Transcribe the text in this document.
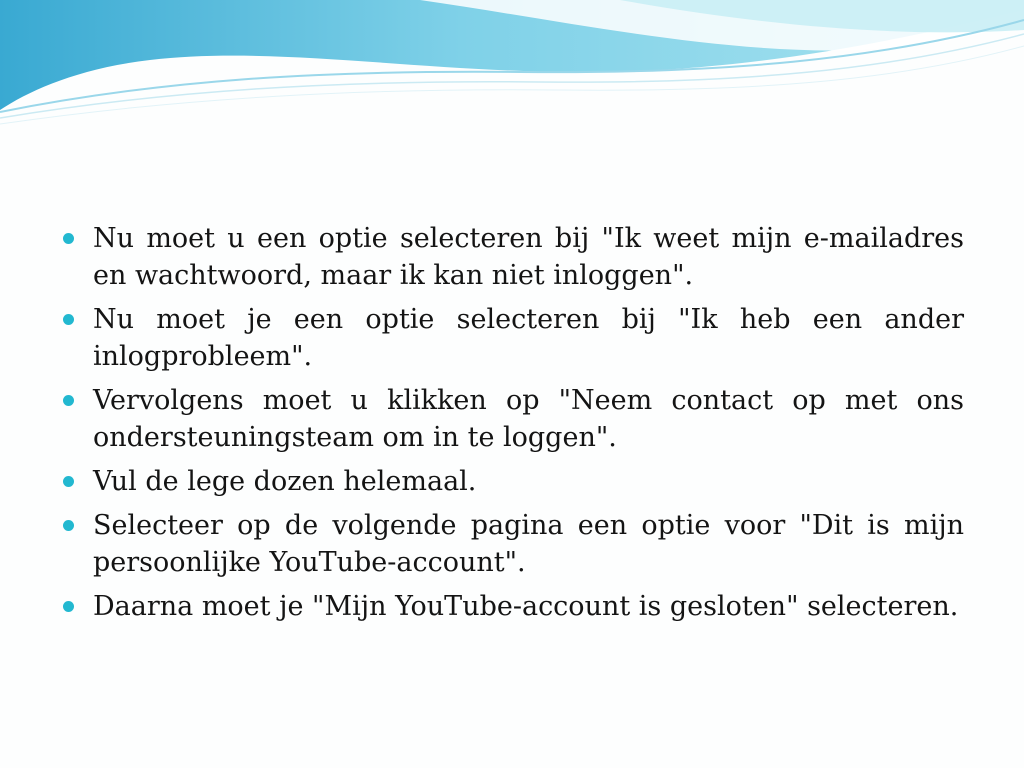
Nu moet u een optie selecteren bij "Ik weet mijn e-mailadres en wachtwoord, maar ik kan niet inloggen".
Nu moet je een optie selecteren bij "Ik heb een ander inlogprobleem".
Vervolgens moet u klikken op "Neem contact op met ons ondersteuningsteam om in te loggen".
Vul de lege dozen helemaal.
Selecteer op de volgende pagina een optie voor "Dit is mijn persoonlijke YouTube-account".
Daarna moet je "Mijn YouTube-account is gesloten" selecteren.
